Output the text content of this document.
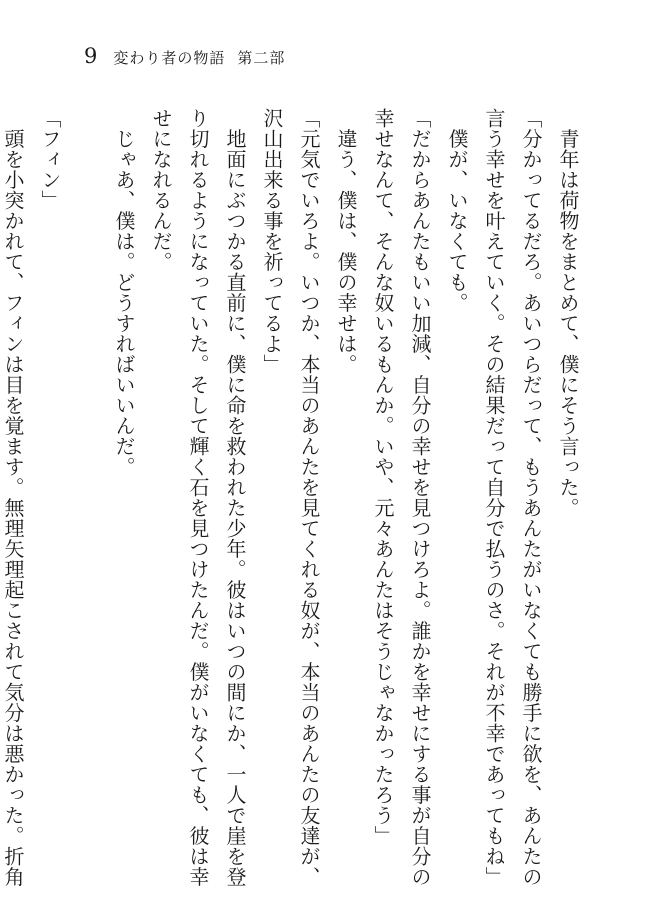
9 変わり者の物語 第二部
　青年は荷物をまとめて、僕にそう言った。
「分かってるだろ。あいつらだって、もうあんたがいなくても勝手に欲を、あんたの
言う幸せを叶えていく。その結果だって自分で払うのさ。それが不幸であってもね」
　僕が、いなくても。
「だからあんたもいい加減、自分の幸せを見つけろよ。誰かを幸せにする事が自分の
幸せなんて、そんな奴いるもんか。いや、元々あんたはそうじゃなかったろう」
　違う、僕は、僕の幸せは。
「元気でいろよ。いつか、本当のあんたを見てくれる奴が、本当のあんたの友達が、
沢山出来る事を祈ってるよ」
　地面にぶつかる直前に、僕に命を救われた少年。彼はいつの間にか、一人で崖を登
り切れるようになっていた。そして輝く石を見つけたんだ。僕がいなくても、彼は幸
せになれるんだ。
　じゃあ、僕は。どうすればいいんだ。
「フィン」
　頭を小突かれて、フィンは目を覚ます。無理矢理起こされて気分は悪かった。折角
